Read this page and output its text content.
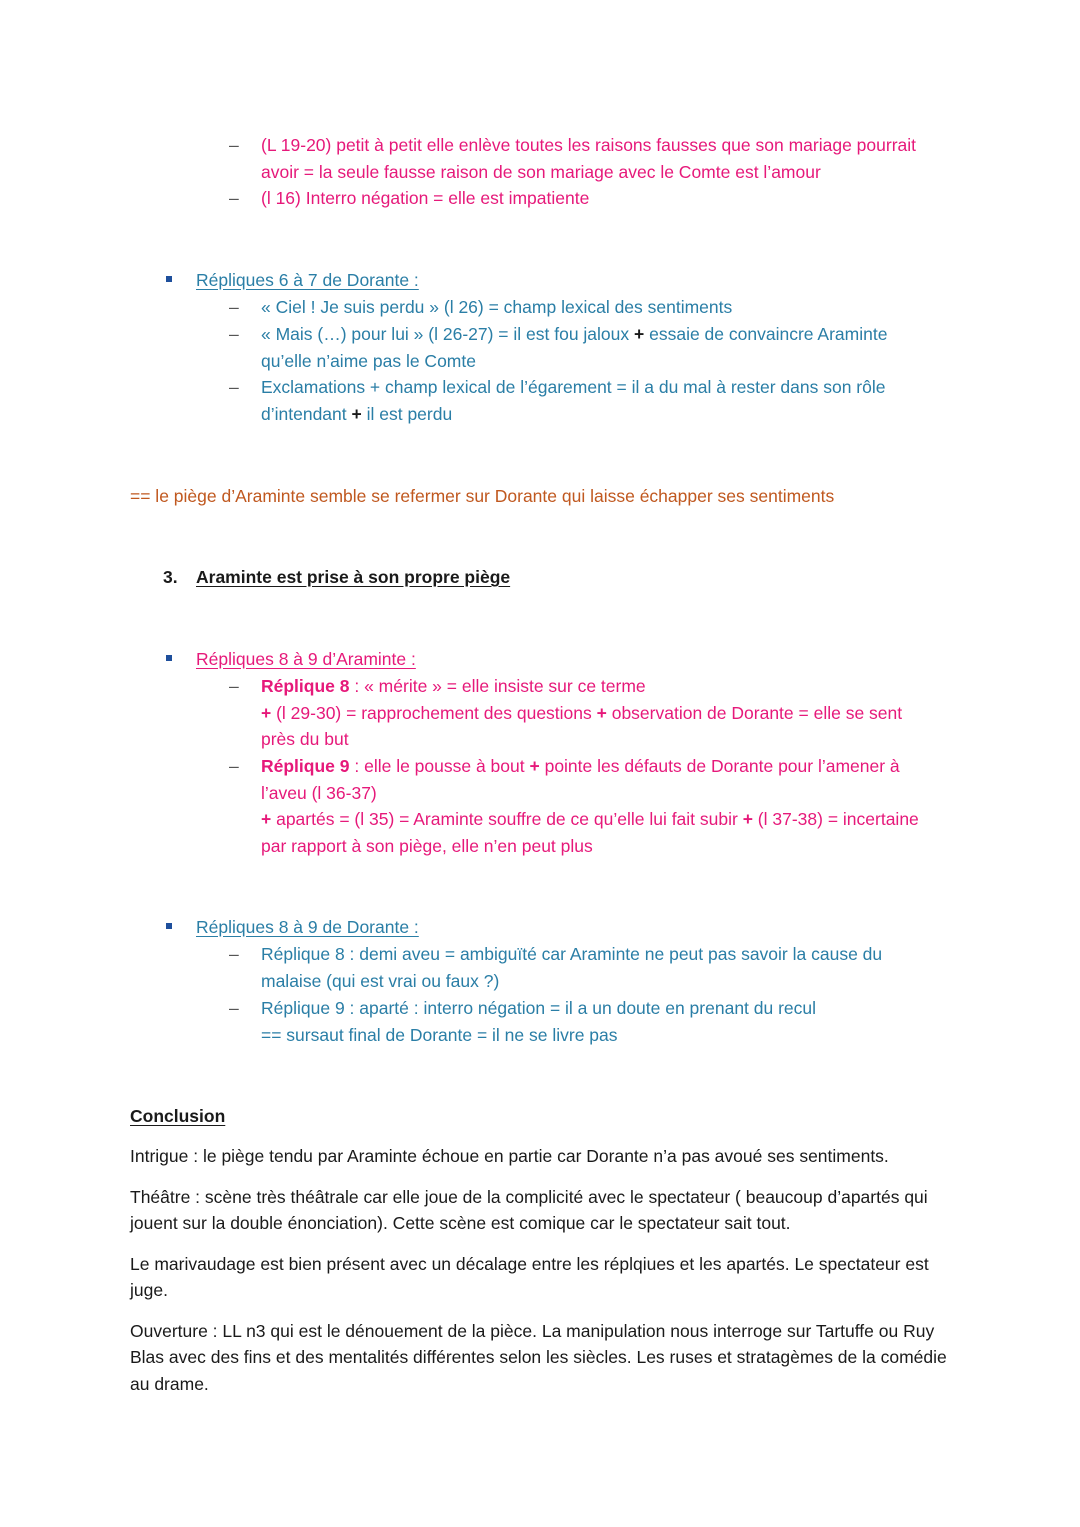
– (L 19-20) petit à petit elle enlève toutes les raisons fausses que son mariage pourrait
avoir = la seule fausse raison de son mariage avec le Comte est l’amour
– (l 16) Interro négation = elle est impatiente
Répliques 6 à 7 de Dorante :
– « Ciel ! Je suis perdu » (l 26) = champ lexical des sentiments
– « Mais (…) pour lui » (l 26-27) = il est fou jaloux + essaie de convaincre Araminte
qu’elle n’aime pas le Comte
– Exclamations + champ lexical de l’égarement = il a du mal à rester dans son rôle
d’intendant + il est perdu
== le piège d’Araminte semble se refermer sur Dorante qui laisse échapper ses sentiments
3. Araminte est prise à son propre piège
Répliques 8 à 9 d’Araminte :
– Réplique 8 : « mérite » = elle insiste sur ce terme
+ (l 29-30) = rapprochement des questions + observation de Dorante = elle se sent
près du but
– Réplique 9 : elle le pousse à bout + pointe les défauts de Dorante pour l’amener à
l’aveu (l 36-37)
+ apartés = (l 35) = Araminte souffre de ce qu’elle lui fait subir + (l 37-38) = incertaine
par rapport à son piège, elle n’en peut plus
Répliques 8 à 9 de Dorante :
– Réplique 8 : demi aveu = ambiguïté car Araminte ne peut pas savoir la cause du
malaise (qui est vrai ou faux ?)
– Réplique 9 : aparté : interro négation = il a un doute en prenant du recul
== sursaut final de Dorante = il ne se livre pas
Conclusion

Intrigue : le piège tendu par Araminte échoue en partie car Dorante n’a pas avoué ses sentiments.

Théâtre : scène très théâtrale car elle joue de la complicité avec le spectateur ( beaucoup d’apartés qui jouent sur la double énonciation). Cette scène est comique car le spectateur sait tout.

Le marivaudage est bien présent avec un décalage entre les réplqiues et les apartés. Le spectateur est juge.

Ouverture : LL n3 qui est le dénouement de la pièce. La manipulation nous interroge sur Tartuffe ou Ruy Blas avec des fins et des mentalités différentes selon les siècles. Les ruses et stratagèmes de la comédie au drame.
